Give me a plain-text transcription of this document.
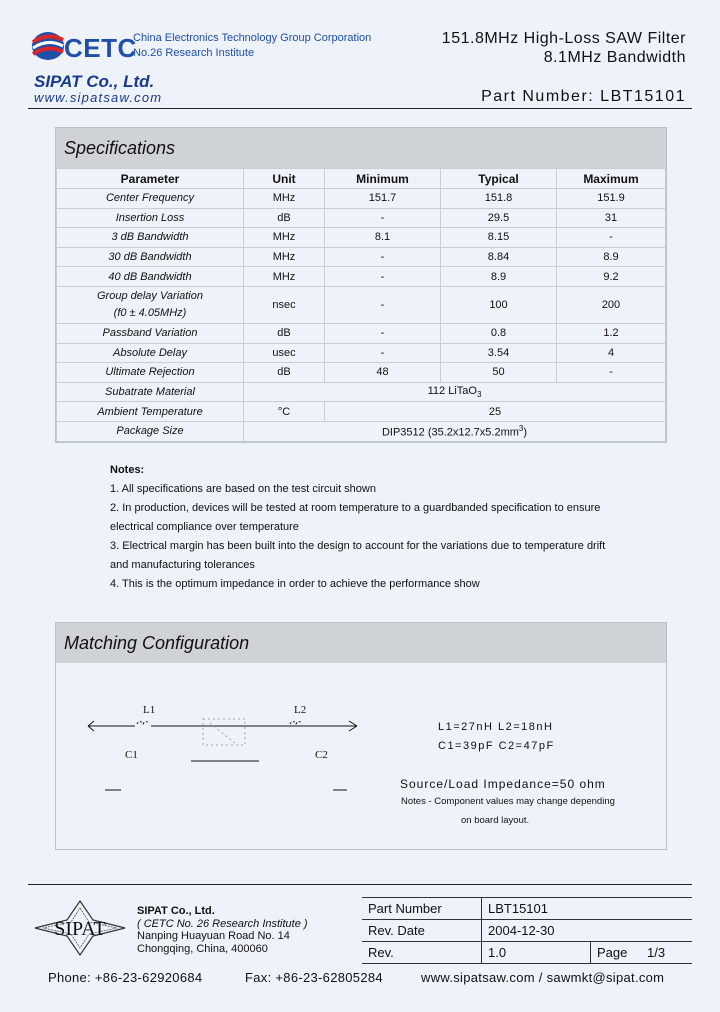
CETC
China Electronics Technology Group Corporation
No.26 Research Institute
151.8MHz High-Loss SAW Filter
8.1MHz Bandwidth
SIPAT Co., Ltd.
www.sipatsaw.com	Part Number: LBT15101
Specifications
Parameter	Unit	Minimum	Typical	Maximum
Center Frequency	MHz	151.7	151.8	151.9
Insertion Loss	dB	-	29.5	31
3 dB Bandwidth	MHz	8.1	8.15	-
30 dB Bandwidth	MHz	-	8.84	8.9
40 dB Bandwidth	MHz	-	8.9	9.2

Group delay Variation
(f0 ± 4.05MHz)	nsec	-	100	200
Passband Variation	dB	-	0.8	1.2
Absolute Delay	usec	-	3.54	4
Ultimate Rejection	dB	48	50	-
Subatrate Material	112 LiTaO$_3$
Ambient Temperature	°C	25		
Package Size	DIP3512 $(35.2x12.7x5.2mm^3)$			
Notes:
1. All specifications are based on the test circuit shown
2. In production, devices will be tested at room temperature to a guardbanded specification to ensure
electrical compliance over temperature
3. Electrical margin has been built into the design to account for the variations due to temperature drift
and manufacturing tolerances
4. This is the optimum impedance in order to achieve the performance show
Matching Configuration
L1	L2
C1	C2
L1=27nH L2=18nH
C1=39pF C2=47pF
Source/Load Impedance=50 ohm
Notes - Component values may change depending
on board layout.
SIPAT
SIPAT Co., Ltd.
( CETC No. 26 Research Institute )
Nanping Huayuan Road No. 14
Chongqing, China, 400060
Part Number	LBT15101		
Rev. Date	2004-12-30		
Rev.	1.0	Page	1/3
Phone: +86-23-62920684	Fax: +86-23-62805284	www.sipatsaw.com / sawmkt@sipat.com
